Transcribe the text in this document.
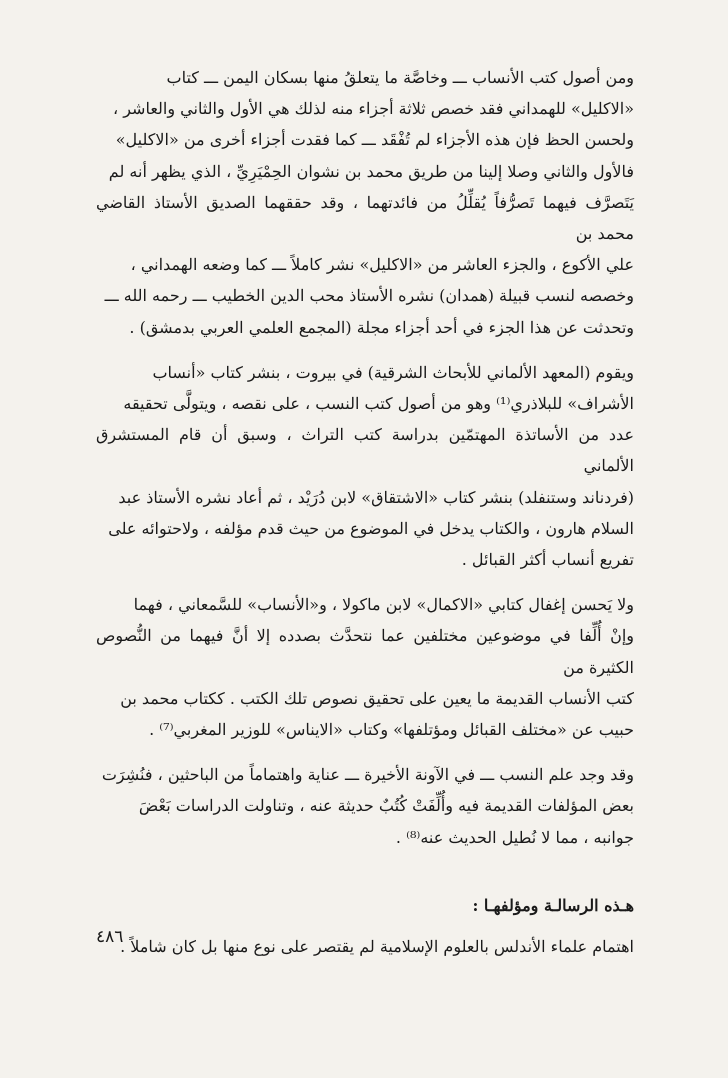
ومن أصول كتب الأنساب ـــ وخاصَّة ما يتعلقُ منها بسكان اليمن ـــ كتاب

«الاكليل» للهمداني فقد خصص ثلاثة أجزاء منه لذلك هي الأول والثاني والعاشر ،

ولحسن الحظ فإن هذه الأجزاء لم تُفْقَد ـــ كما فقدت أجزاء أخرى من «الاكليل»

فالأول والثاني وصلا إلينا من طريق محمد بن نشوان الحِمْيَرِيِّ ، الذي يظهر أنه لم

يَتَصرَّف فيهما تَصرُّفاً يُقلِّلُ من فائدتهما ، وقد حققهما الصديق الأستاذ القاضي محمد بن

علي الأكوع ، والجزء العاشر من «الاكليل» نشر كاملاً ـــ كما وضعه الهمداني ،

وخصصه لنسب قبيلة (همدان) نشره الأستاذ محب الدين الخطيب ـــ رحمه الله ـــ

وتحدثت عن هذا الجزء في أحد أجزاء مجلة (المجمع العلمي العربي بدمشق) .

ويقوم (المعهد الألماني للأبحاث الشرقية) في بيروت ، بنشر كتاب «أنساب

الأشراف» للبلاذري⁽¹⁾ وهو من أصول كتب النسب ، على نقصه ، ويتولَّى تحقيقه

عدد من الأساتذة المهتمّين بدراسة كتب التراث ، وسبق أن قام المستشرق الألماني

(فردناند وستنفلد) بنشر كتاب «الاشتقاق» لابن دُرَيْد ، ثم أعاد نشره الأستاذ عبد

السلام هارون ، والكتاب يدخل في الموضوع من حيث قدم مؤلفه ، ولاحتوائه على

تفريع أنساب أكثر القبائل .

ولا يَحسن إغفال كتابي «الاكمال» لابن ماكولا ، و«الأنساب» للسَّمعاني ، فهما

وإنْ أُلِّفا في موضوعين مختلفين عما نتحدَّث بصدده إلا أنَّ فيهما من النُّصوص الكثيرة من

كتب الأنساب القديمة ما يعين على تحقيق نصوص تلك الكتب . ككتاب محمد بن

حبيب عن «مختلف القبائل ومؤتلفها» وكتاب «الايناس» للوزير المغربي⁽⁷⁾ .

وقد وجد علم النسب ـــ في الآونة الأخيرة ـــ عناية واهتماماً من الباحثين ، فنُشِرَت

بعض المؤلفات القديمة فيه وأُلِّفَتْ كُتُبٌ حديثة عنه ، وتناولت الدراسات بَعْضَ

جوانبه ، مما لا نُطيل الحديث عنه⁽⁸⁾ .

هـذه الرسالـة ومؤلفهـا :

اهتمام علماء الأندلس بالعلوم الإسلامية لم يقتصر على نوع منها بل كان شاملاً .

٤٨٦
